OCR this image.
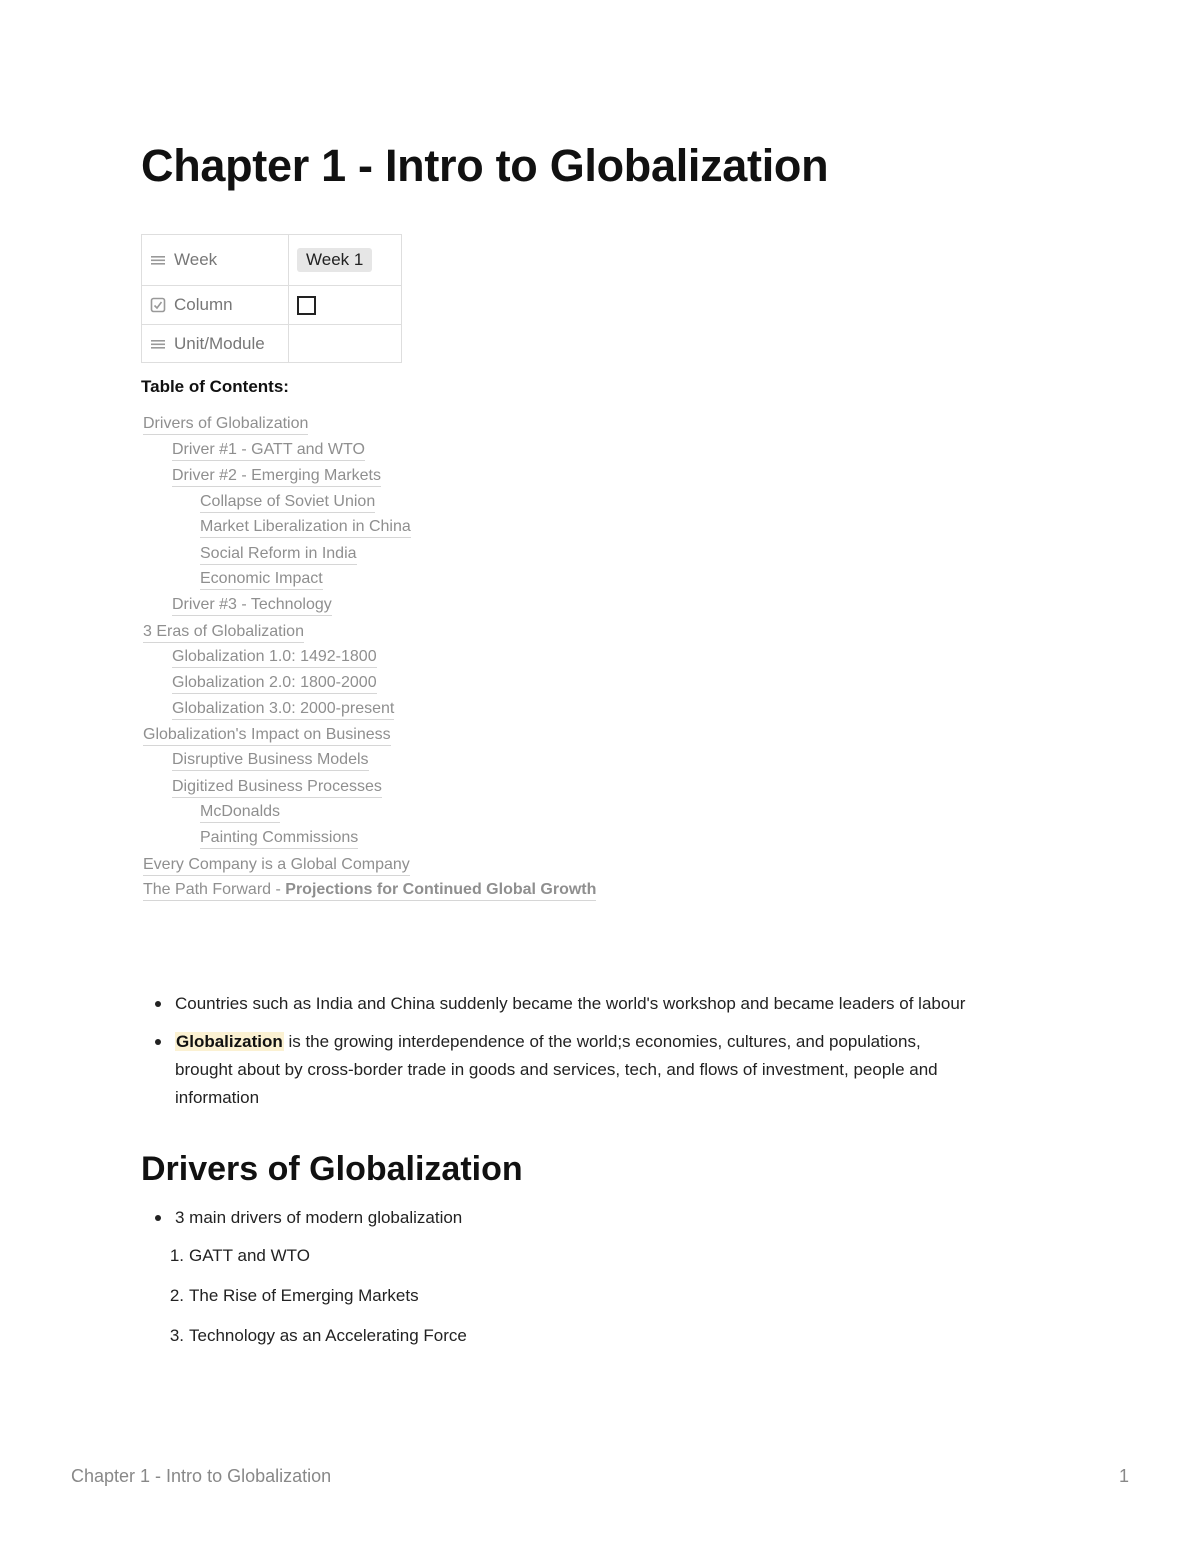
Chapter 1 - Intro to Globalization
Week	Week 1
Column	
Unit/Module	
Table of Contents:
Drivers of Globalization
Driver #1 - GATT and WTO
Driver #2 - Emerging Markets
Collapse of Soviet Union
Market Liberalization in China
Social Reform in India
Economic Impact
Driver #3 - Technology
3 Eras of Globalization
Globalization 1.0: 1492-1800
Globalization 2.0: 1800-2000
Globalization 3.0: 2000-present
Globalization's Impact on Business
Disruptive Business Models
Digitized Business Processes
McDonalds
Painting Commissions
Every Company is a Global Company
The Path Forward - Projections for Continued Global Growth
Countries such as India and China suddenly became the world's workshop and became leaders of labour
Globalization is the growing interdependence of the world;s economies, cultures, and populations,
brought about by cross-border trade in goods and services, tech, and flows of investment, people and
information
Drivers of Globalization
3 main drivers of modern globalization
1. GATT and WTO
2. The Rise of Emerging Markets
3. Technology as an Accelerating Force
Chapter 1 - Intro to Globalization	1
